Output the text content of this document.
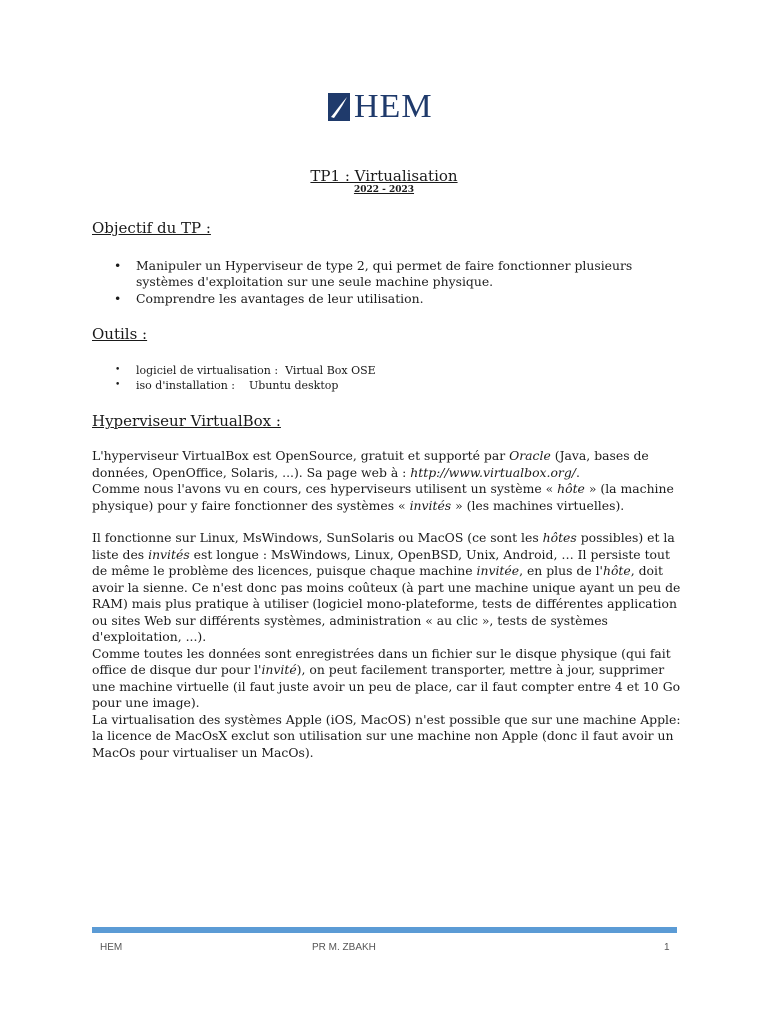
HEM
TP1 : Virtualisation
2022 - 2023
Objectif du TP :
• Manipuler un Hyperviseur de type 2, qui permet de faire fonctionner plusieurs systèmes d'exploitation sur une seule machine physique.
• Comprendre les avantages de leur utilisation.
Outils :
• logiciel de virtualisation :  Virtual Box OSE
• iso d'installation :    Ubuntu desktop
Hyperviseur VirtualBox :

L'hyperviseur VirtualBox est OpenSource, gratuit et supporté par Oracle (Java, bases de données, OpenOffice, Solaris, ...). Sa page web à : http://www.virtualbox.org/.
Comme nous l'avons vu en cours, ces hyperviseurs utilisent un système « hôte » (la machine physique) pour y faire fonctionner des systèmes « invités » (les machines virtuelles).

Il fonctionne sur Linux, MsWindows, SunSolaris ou MacOS (ce sont les hôtes possibles) et la liste des invités est longue : MsWindows, Linux, OpenBSD, Unix, Android, … Il persiste tout de même le problème des licences, puisque chaque machine invitée, en plus de l'hôte, doit avoir la sienne. Ce n'est donc pas moins coûteux (à part une machine unique ayant un peu de RAM) mais plus pratique à utiliser (logiciel mono-plateforme, tests de différentes application ou sites Web sur différents systèmes, administration « au clic », tests de systèmes d'exploitation, ...).
Comme toutes les données sont enregistrées dans un fichier sur le disque physique (qui fait office de disque dur pour l'invité), on peut facilement transporter, mettre à jour, supprimer une machine virtuelle (il faut juste avoir un peu de place, car il faut compter entre 4 et 10 Go pour une image).
La virtualisation des systèmes Apple (iOS, MacOS) n'est possible que sur une machine Apple: la licence de MacOsX exclut son utilisation sur une machine non Apple (donc il faut avoir un MacOs pour virtualiser un MacOs).

HEM	PR M. ZBAKH	1
